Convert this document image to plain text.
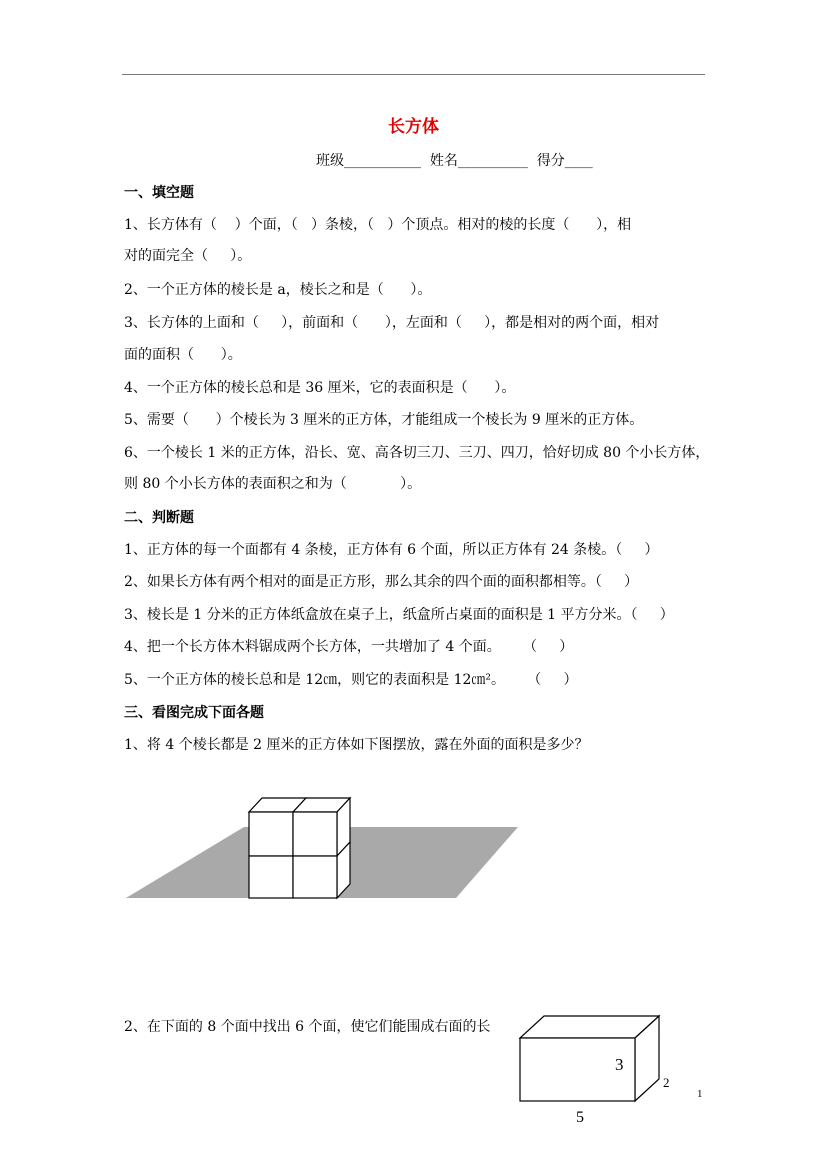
长方体
班级___________ 姓名__________ 得分____
一、填空题
1、长方体有（    ）个面，（   ）条棱，（   ）个顶点。相对的棱的长度（      ），相
对的面完全（     ）。
2、一个正方体的棱长是 a，棱长之和是（      ）。
3、长方体的上面和（     ），前面和（      ），左面和（     ），都是相对的两个面，相对
面的面积（      ）。
4、一个正方体的棱长总和是 36 厘米，它的表面积是（      ）。
5、需要（      ）个棱长为 3 厘米的正方体，才能组成一个棱长为 9 厘米的正方体。
6、一个棱长 1 米的正方体，沿长、宽、高各切三刀、三刀、四刀，恰好切成 80 个小长方体，
则 80 个小长方体的表面积之和为（            ）。
二、判断题
1、正方体的每一个面都有 4 条棱，正方体有 6 个面，所以正方体有 24 条棱。（     ）
2、如果长方体有两个相对的面是正方形，那么其余的四个面的面积都相等。（     ）
3、棱长是 1 分米的正方体纸盒放在桌子上，纸盒所占桌面的面积是 1 平方分米。（     ）
4、把一个长方体木料锯成两个长方体，一共增加了 4 个面。     （     ）
5、一个正方体的棱长总和是 12㎝，则它的表面积是 12㎝²。     （     ）
三、看图完成下面各题
1、将 4 个棱长都是 2 厘米的正方体如下图摆放，露在外面的面积是多少？
2、在下面的 8 个面中找出 6 个面，使它们能围成右面的长
3
2
5
1
